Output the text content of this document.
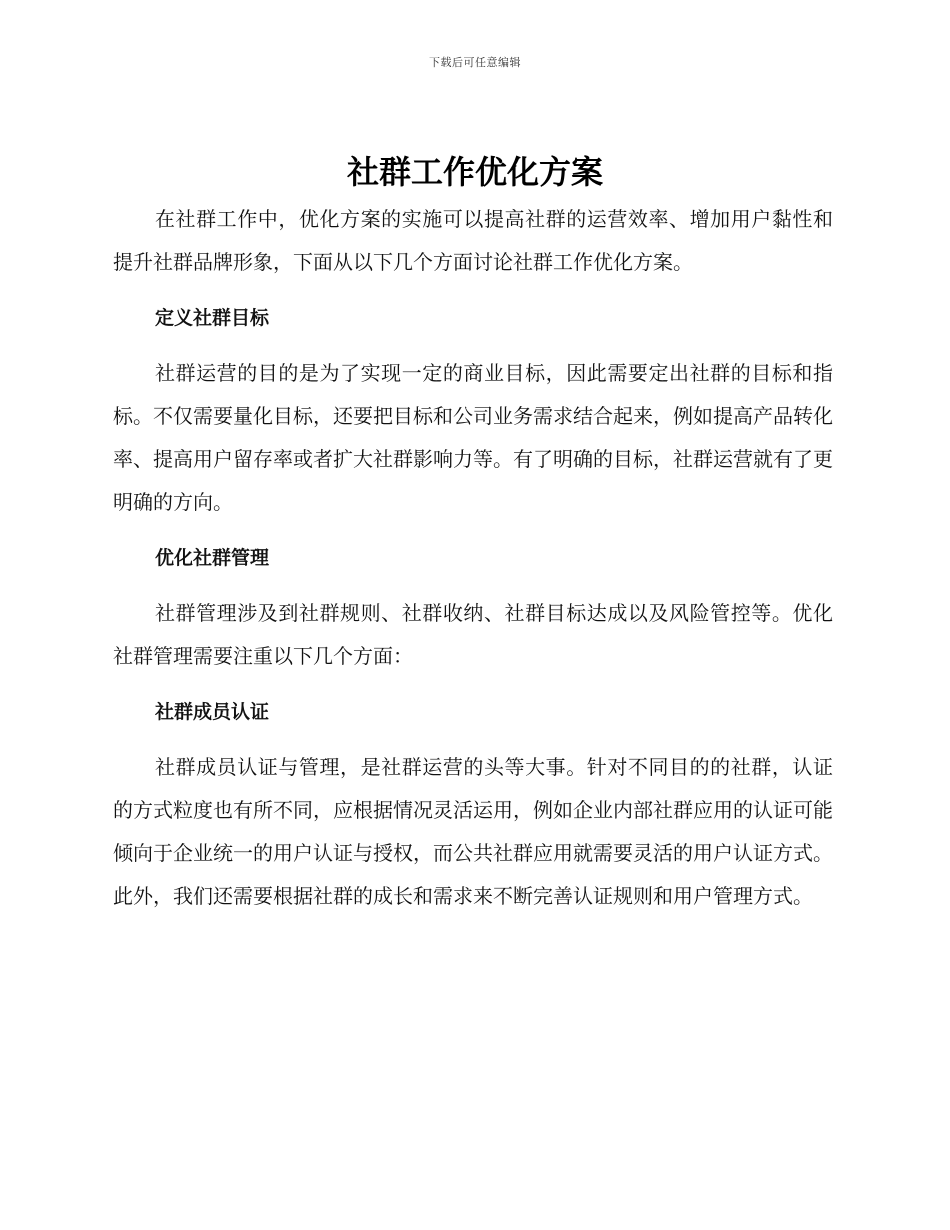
下载后可任意编辑
社群工作优化方案

在社群工作中，优化方案的实施可以提高社群的运营效率、增加用户黏性和提升社群品牌形象，下面从以下几个方面讨论社群工作优化方案。

定义社群目标

社群运营的目的是为了实现一定的商业目标，因此需要定出社群的目标和指标。不仅需要量化目标，还要把目标和公司业务需求结合起来，例如提高产品转化率、提高用户留存率或者扩大社群影响力等。有了明确的目标，社群运营就有了更明确的方向。

优化社群管理

社群管理涉及到社群规则、社群收纳、社群目标达成以及风险管控等。优化社群管理需要注重以下几个方面：

社群成员认证

社群成员认证与管理，是社群运营的头等大事。针对不同目的的社群，认证的方式粒度也有所不同，应根据情况灵活运用，例如企业内部社群应用的认证可能倾向于企业统一的用户认证与授权，而公共社群应用就需要灵活的用户认证方式。此外，我们还需要根据社群的成长和需求来不断完善认证规则和用户管理方式。
